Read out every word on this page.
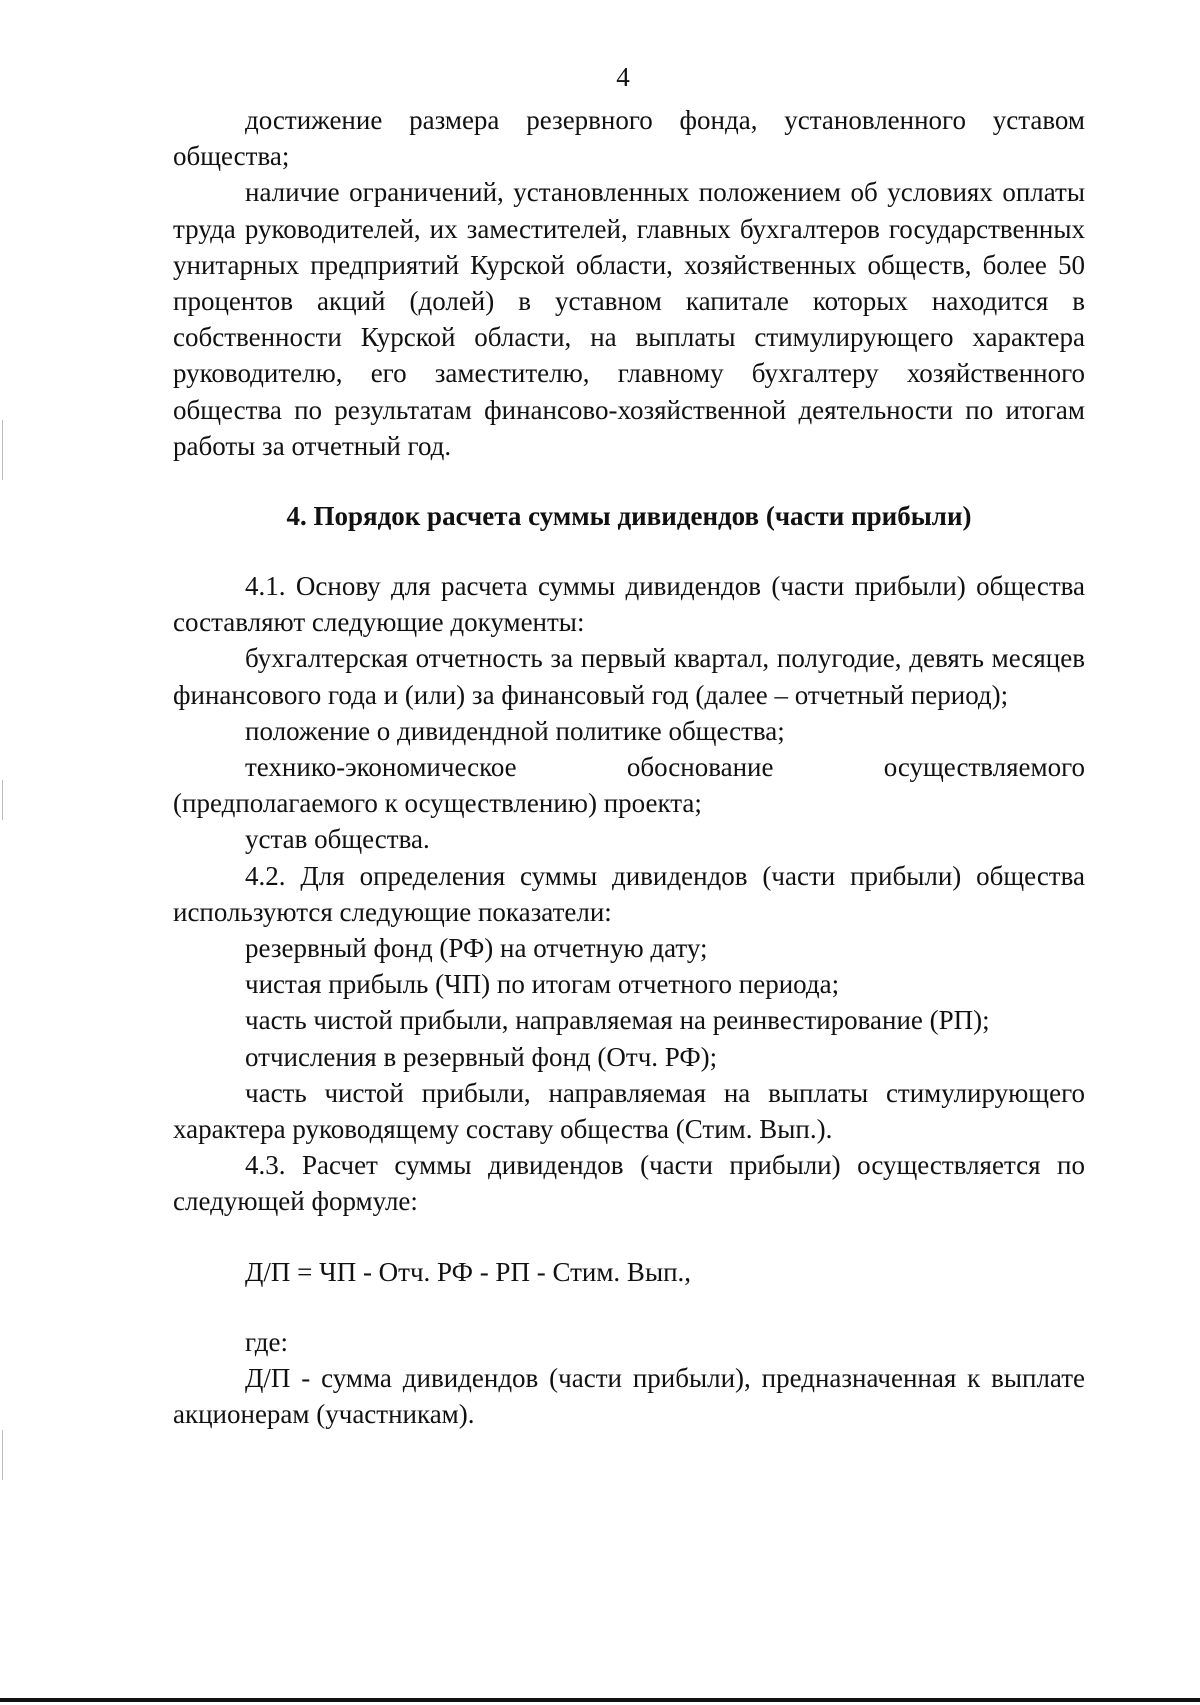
4

достижение размера резервного фонда, установленного уставом общества;

наличие ограничений, установленных положением об условиях оплаты труда руководителей, их заместителей, главных бухгалтеров государственных унитарных предприятий Курской области, хозяйственных обществ, более 50 процентов акций (долей) в уставном капитале которых находится в собственности Курской области, на выплаты стимулирующего характера руководителю, его заместителю, главному бухгалтеру хозяйственного общества по результатам финансово-хозяйственной деятельности по итогам работы за отчетный год.

4. Порядок расчета суммы дивидендов (части прибыли)

4.1. Основу для расчета суммы дивидендов (части прибыли) общества составляют следующие документы:

бухгалтерская отчетность за первый квартал, полугодие, девять месяцев финансового года и (или) за финансовый год (далее – отчетный период);

положение о дивидендной политике общества;

технико-экономическое обоснование осуществляемого (предполагаемого к осуществлению) проекта;

устав общества.

4.2. Для определения суммы дивидендов (части прибыли) общества используются следующие показатели:

резервный фонд (РФ) на отчетную дату;

чистая прибыль (ЧП) по итогам отчетного периода;

часть чистой прибыли, направляемая на реинвестирование (РП);

отчисления в резервный фонд (Отч. РФ);

часть чистой прибыли, направляемая на выплаты стимулирующего характера руководящему составу общества (Стим. Вып.).

4.3. Расчет суммы дивидендов (части прибыли) осуществляется по следующей формуле:

Д/П = ЧП - Отч. РФ - РП - Стим. Вып.,

где:

Д/П - сумма дивидендов (части прибыли), предназначенная к выплате акционерам (участникам).
